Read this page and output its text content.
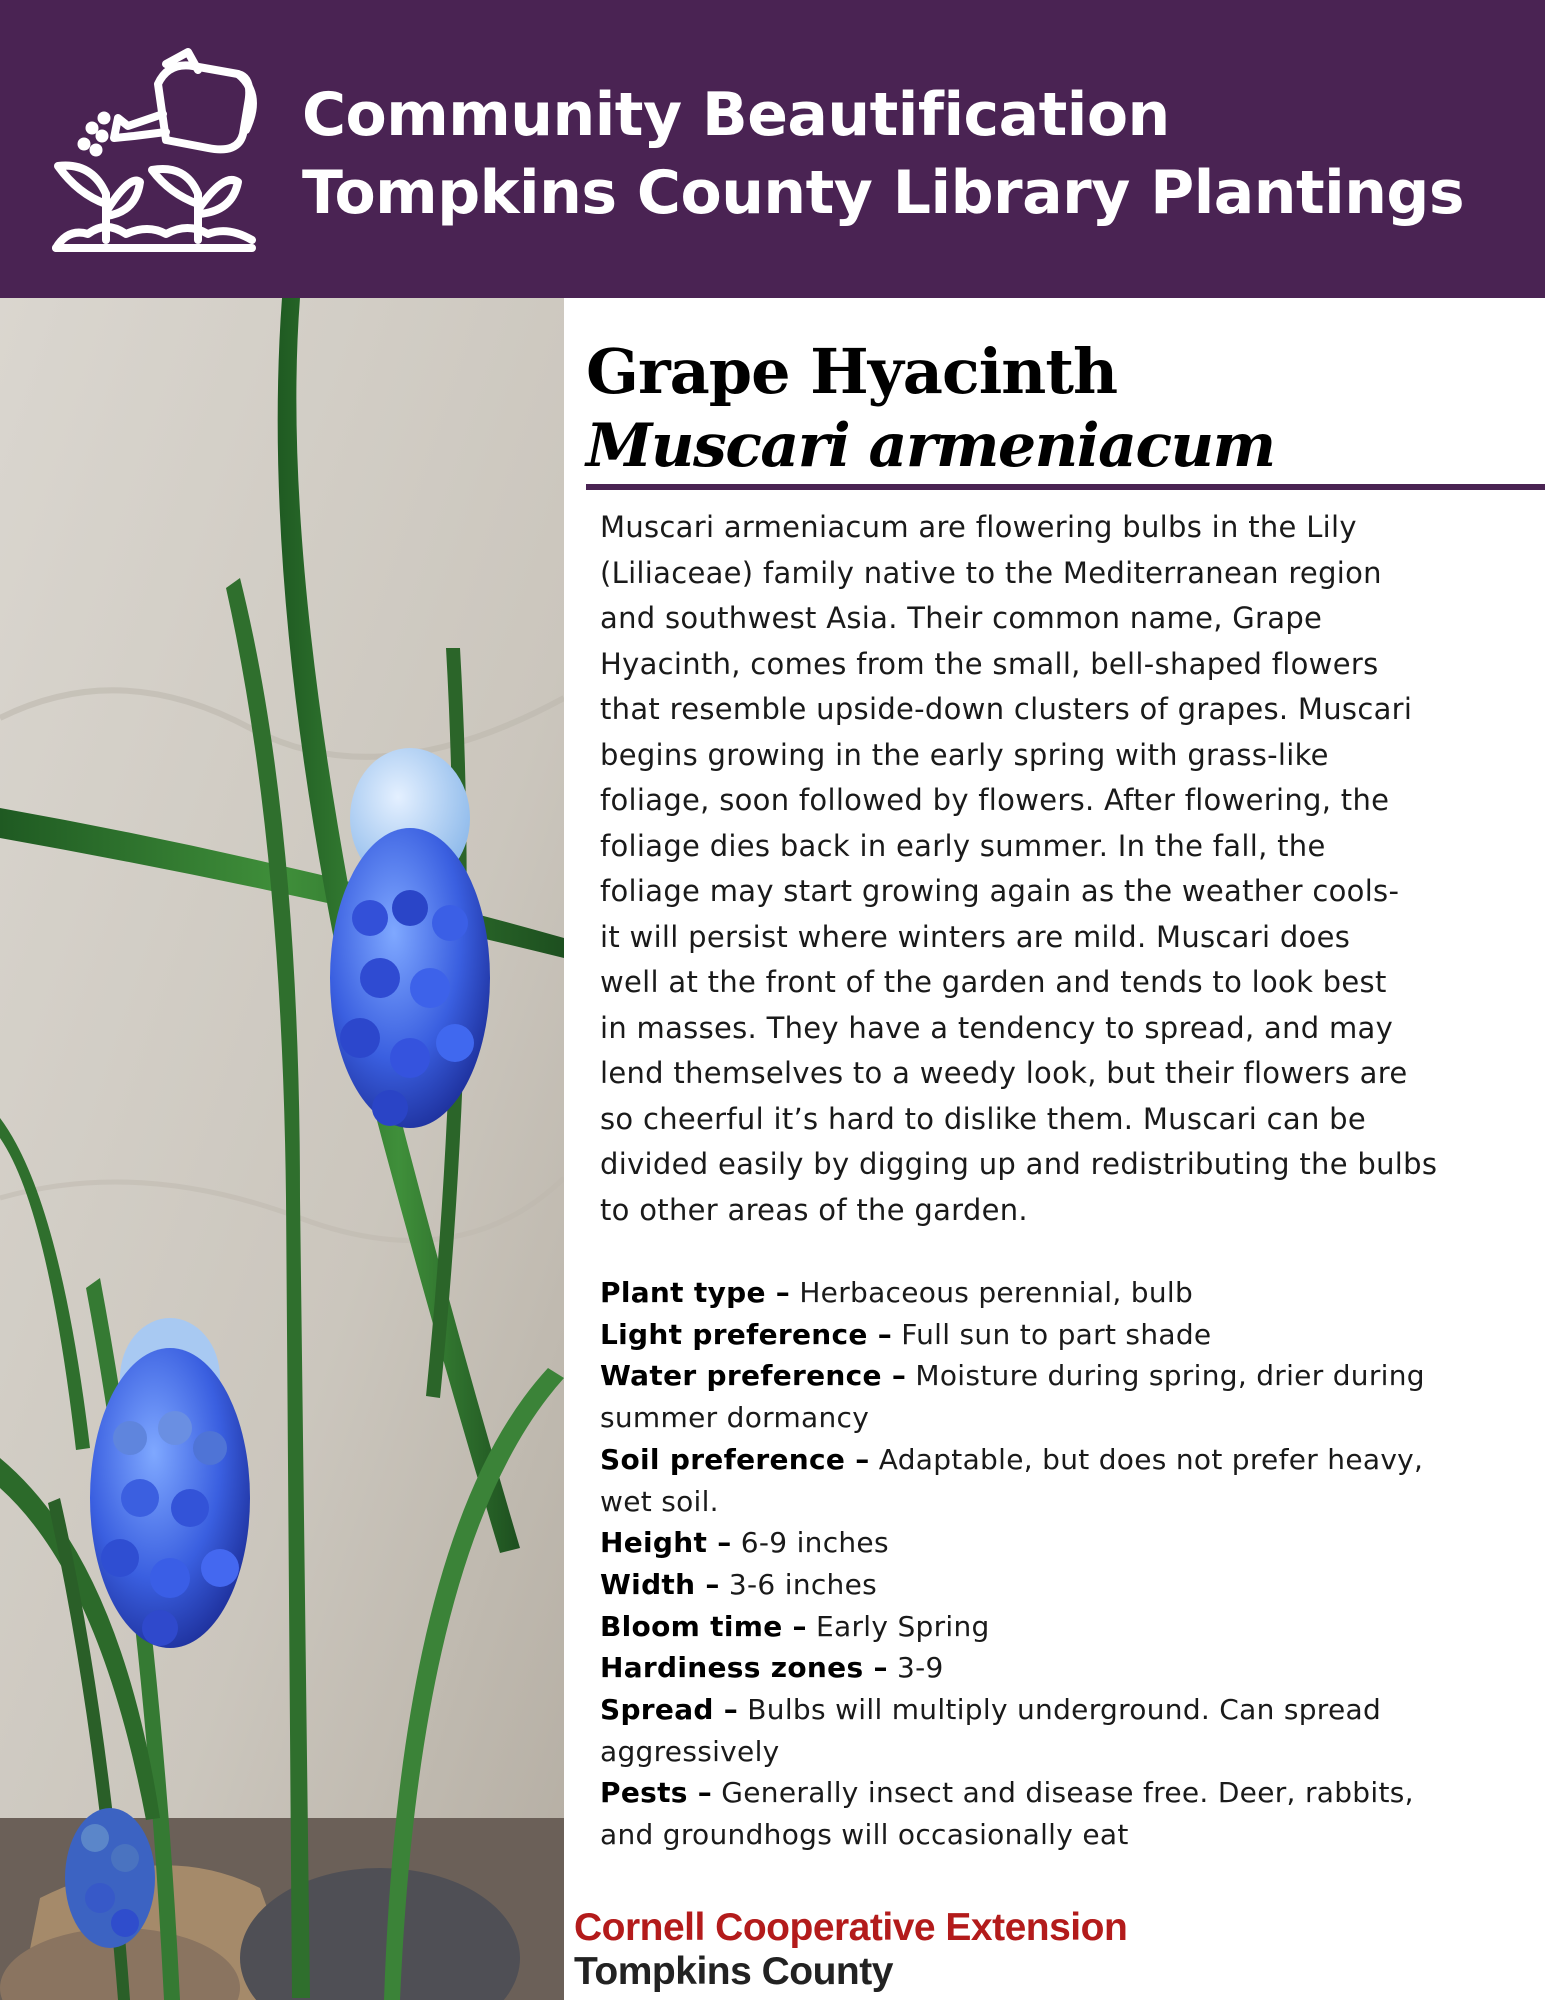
Community Beautification
Tompkins County Library Plantings
Grape Hyacinth
Muscari armeniacum
Muscari armeniacum are flowering bulbs in the Lily
(Liliaceae) family native to the Mediterranean region
and southwest Asia. Their common name, Grape
Hyacinth, comes from the small, bell-shaped flowers
that resemble upside-down clusters of grapes. Muscari
begins growing in the early spring with grass-like
foliage, soon followed by flowers. After flowering, the
foliage dies back in early summer. In the fall, the
foliage may start growing again as the weather cools-
it will persist where winters are mild. Muscari does
well at the front of the garden and tends to look best
in masses. They have a tendency to spread, and may
lend themselves to a weedy look, but their flowers are
so cheerful it’s hard to dislike them. Muscari can be
divided easily by digging up and redistributing the bulbs
to other areas of the garden.
Plant type – Herbaceous perennial, bulb
Light preference – Full sun to part shade
Water preference – Moisture during spring, drier during
summer dormancy
Soil preference – Adaptable, but does not prefer heavy,
wet soil.
Height – 6-9 inches
Width – 3-6 inches
Bloom time – Early Spring
Hardiness zones – 3-9
Spread – Bulbs will multiply underground. Can spread
aggressively
Pests – Generally insect and disease free. Deer, rabbits,
and groundhogs will occasionally eat
Cornell Cooperative Extension
Tompkins County
